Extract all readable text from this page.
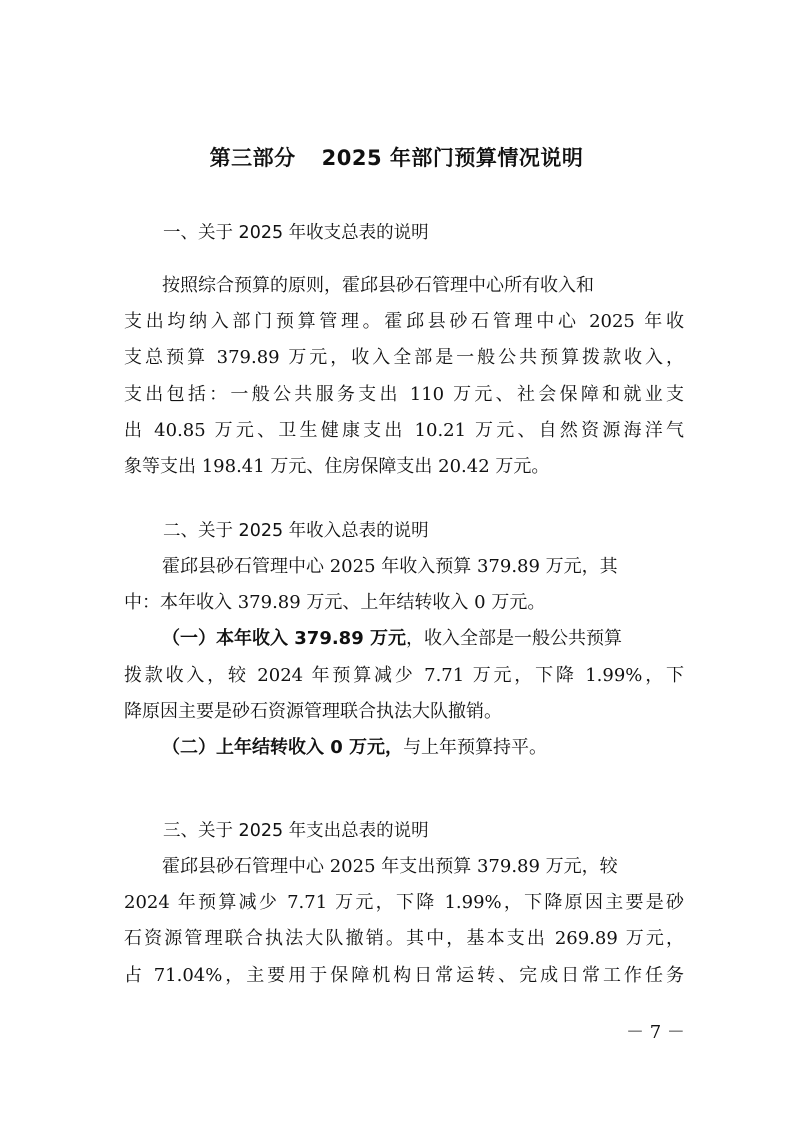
第三部分 2025 年部门预算情况说明
一、关于 2025 年收支总表的说明
按照综合预算的原则，霍邱县砂石管理中心所有收入和
支出均纳入部门预算管理。霍邱县砂石管理中心 2025 年收
支总预算 379.89 万元，收入全部是一般公共预算拨款收入，
支出包括：一般公共服务支出 110 万元、社会保障和就业支
出 40.85 万元、卫生健康支出 10.21 万元、自然资源海洋气
象等支出 198.41 万元、住房保障支出 20.42 万元。
二、关于 2025 年收入总表的说明
霍邱县砂石管理中心 2025 年收入预算 379.89 万元，其
中：本年收入 379.89 万元、上年结转收入 0 万元。
（一）本年收入 379.89 万元，收入全部是一般公共预算
拨款收入，较 2024 年预算减少 7.71 万元，下降 1.99%，下
降原因主要是砂石资源管理联合执法大队撤销。
（二）上年结转收入 0 万元，与上年预算持平。
三、关于 2025 年支出总表的说明
霍邱县砂石管理中心 2025 年支出预算 379.89 万元，较
2024 年预算减少 7.71 万元，下降 1.99%，下降原因主要是砂
石资源管理联合执法大队撤销。其中，基本支出 269.89 万元，
占 71.04%，主要用于保障机构日常运转、完成日常工作任务
－ 7 －
